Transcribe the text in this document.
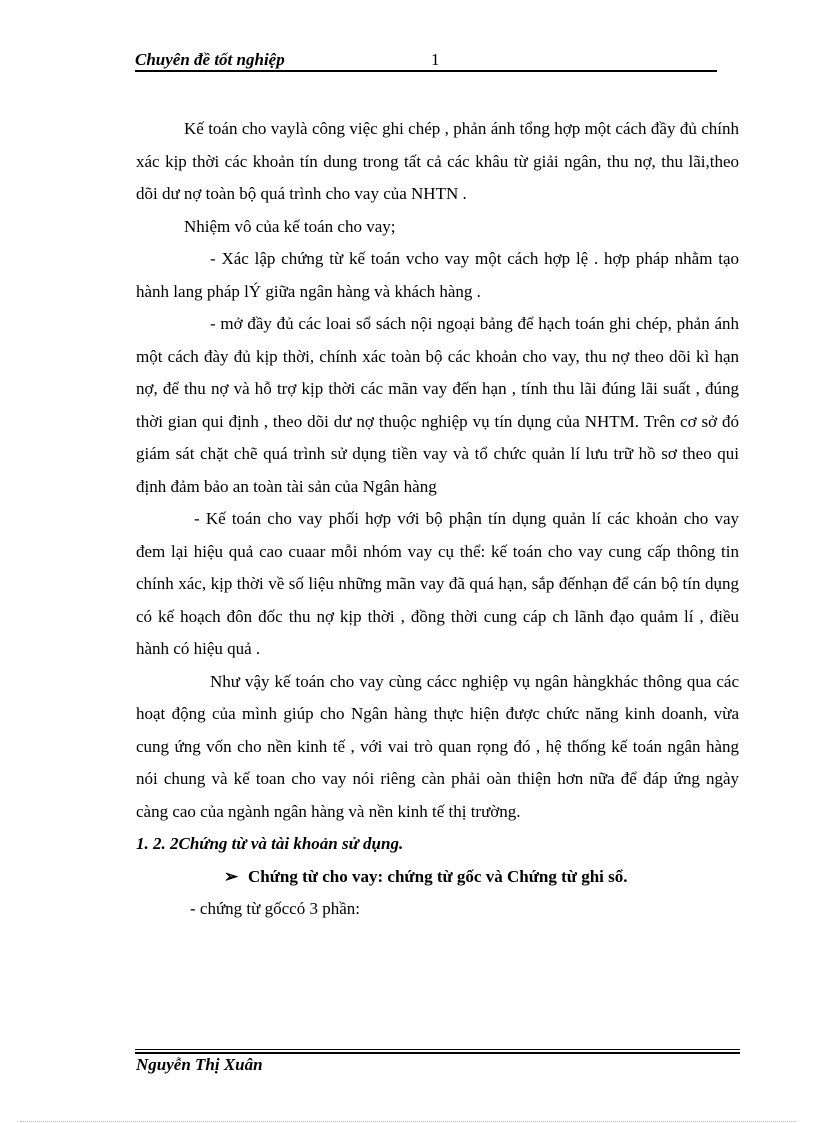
Chuyên đề tốt nghiệp	1

Kế toán cho vaylà công việc ghi chép , phản ánh tổng hợp một cách đầy đủ chính xác kịp thời các khoản tín dung trong tất cả các khâu từ giải ngân, thu nợ, thu lãi,theo dõi dư nợ toàn bộ quá trình cho vay của NHTN .

Nhiệm vô của kế toán cho vay;

- Xác lập chứng từ kế toán vcho vay một cách hợp lệ . hợp pháp nhằm tạo hành lang pháp lÝ giữa ngân hàng và khách hàng .

- mở đầy đủ các loai sổ sách nội ngoại bảng để hạch toán ghi chép, phản ánh một cách đày đủ kịp thời, chính xác toàn bộ các khoản cho vay, thu nợ theo dõi kì hạn nợ, để thu nợ và hỗ trợ kịp thời các mãn vay đến hạn , tính thu lãi đúng lãi suất , đúng thời gian qui định , theo dõi dư nợ thuộc nghiệp vụ tín dụng của NHTM. Trên cơ sở đó giám sát chặt chẽ quá trình sử dụng tiền vay và tổ chức quản lí lưu trữ hồ sơ theo qui định đảm bảo an toàn tài sản của Ngân hàng

- Kế toán cho vay phối hợp với bộ phận tín dụng quản lí các khoản cho vay đem lại hiệu quả cao cuaar mỗi nhóm vay cụ thể: kế toán cho vay cung cấp thông tin chính xác, kịp thời về số liệu những mãn vay đã quá hạn, sắp đếnhạn để cán bộ tín dụng có kế hoạch đôn đốc thu nợ kịp thời , đồng thời cung cáp ch lãnh đạo quảm lí , điều hành có hiệu quả .

Như vậy kế toán cho vay cùng cácc nghiệp vụ ngân hàngkhác thông qua các hoạt động của mình giúp cho Ngân hàng thực hiện được chức năng kinh doanh, vừa cung ứng vốn cho nền kinh tế , với vai trò quan rọng đó , hệ thống kế toán ngân hàng nói chung và kế toan cho vay nói riêng càn phải oàn thiện hơn nữa để đáp ứng ngày càng cao của ngành ngân hàng và nền kinh tế thị trường.

1. 2. 2Chứng từ và tài khoản sử dụng.

➢ Chứng từ cho vay: chứng từ gốc và Chứng từ ghi sổ.

- chứng từ gốccó 3 phần:

Nguyễn Thị Xuân
